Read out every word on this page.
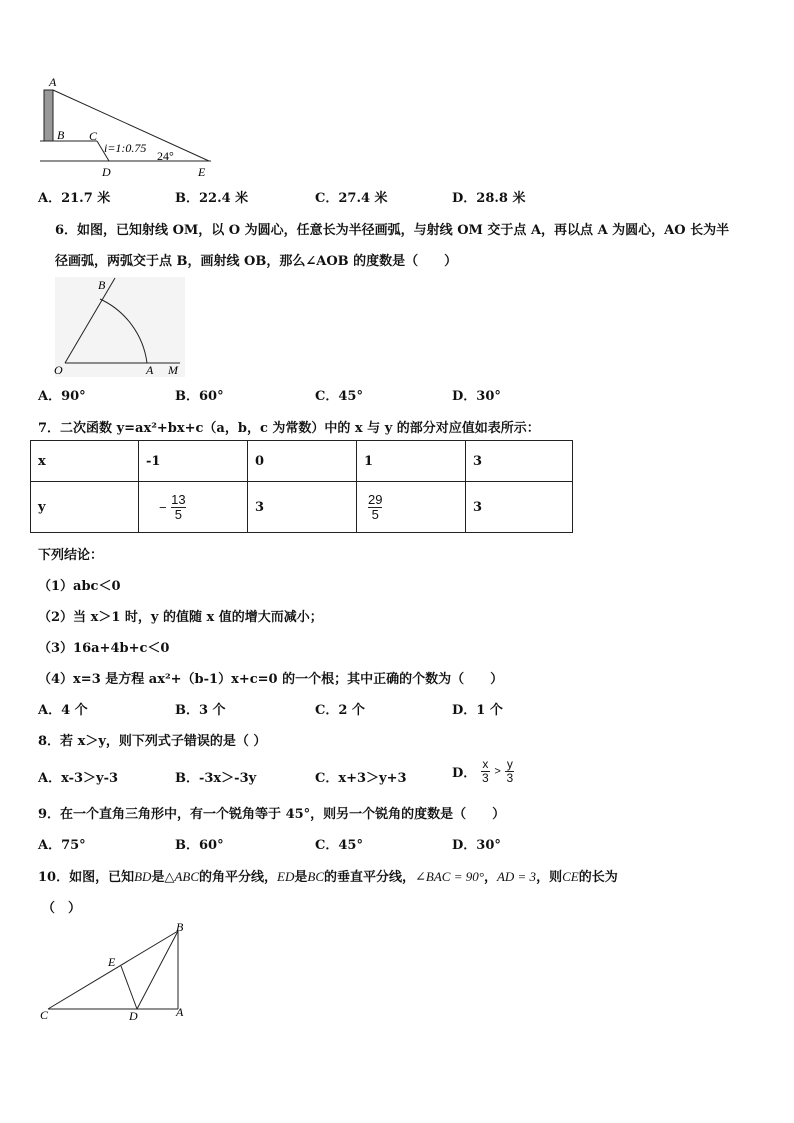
A
B C
D	E
i=1:0.75
24°
A．21.7 米	B．22.4 米	C．27.4 米	D．28.8 米
6．如图，已知射线 OM，以 O 为圆心，任意长为半径画弧，与射线 OM 交于点 A，再以点 A 为圆心，AO 长为半
径画弧，两弧交于点 B，画射线 OB，那么∠AOB 的度数是（　　）
B
O	A M
A．90°	B．60°	C．45°	D．30°
7．二次函数 y=ax²+bx+c（a，b，c 为常数）中的 x 与 y 的部分对应值如表所示：
x	-1	0	1	3
y	− $\frac{13}{5}$	3	$\frac{29}{5}$	3
下列结论：
（1）abc＜0
（2）当 x＞1 时，y 的值随 x 值的增大而减小；
（3）16a+4b+c＜0
（4）x=3 是方程 ax²+（b-1）x+c=0 的一个根；其中正确的个数为（　　）
A．4 个	B．3 个	C．2 个	D．1 个
8．若 x＞y，则下列式子错误的是（ ）
A．x-3＞y-3	B．-3x＞-3y	C．x+3＞y+3	D． $\frac{x}{3} > \frac{y}{3}$
9．在一个直角三角形中，有一个锐角等于 45°，则另一个锐角的度数是（　　）
A．75°	B．60°	C．45°	D．30°
10．如图，已知BD是△ABC的角平分线，ED是BC的垂直平分线，∠BAC = 90°，AD = 3，则CE的长为
（　）
B
E
C	D	A
